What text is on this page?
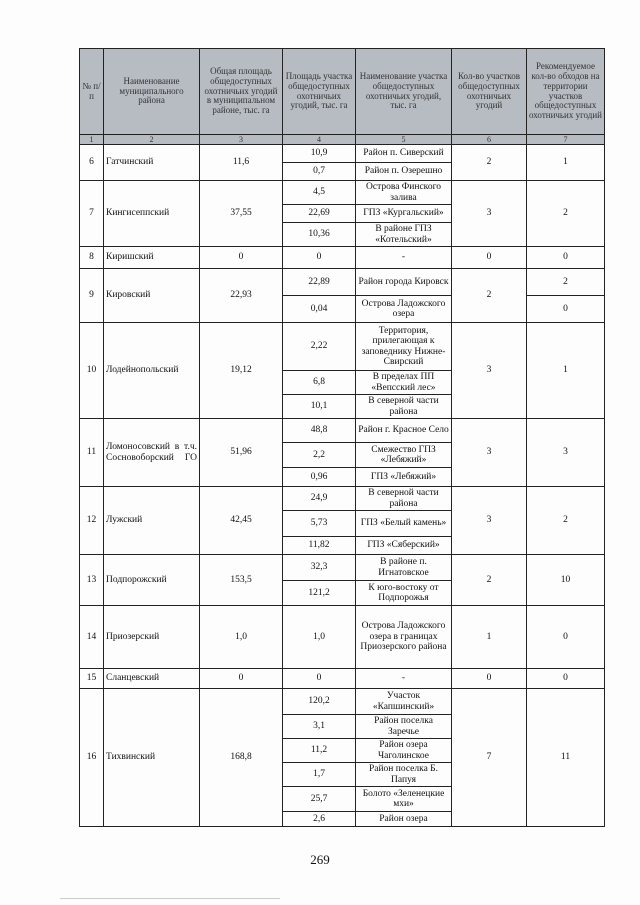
№ п/п	Наименование муниципального района	Общая площадь общедоступных охотничьих угодий в муниципальном районе, тыс. га	Площадь участка общедоступных охотничьих угодий, тыс. га	Наименование участка общедоступных охотничьих угодий, тыс. га	Кол-во участков общедоступных охотничьих угодий	Рекомендуемое кол-во обходов на территории участков общедоступных охотничьих угодий
1	2	3	4	5	6	7
6	Гатчинский	11,6	10,9	Район п. Сиверский	2	1
			0,7	Район п. Озерешно		
7	Кингисеппский	37,55	4,5	Острова Финского залива	3	2
			22,69	ГПЗ «Кургальский»		
			10,36	В районе ГПЗ «Котельский»		
8	Киришский	0	0	-	0	0
9	Кировский	22,93	22,89	Район города Кировск	2	2
			0,04	Острова Ладожского озера		0
10	Лодейнопольский	19,12	2,22	Территория, прилегающая к заповеднику Нижне-Свирский	3	1
			6,8	В пределах ПП «Вепсский лес»		
			10,1	В северной части района		
11	Ломоносовский в т.ч. Сосновоборский ГО	51,96	48,8	Район г. Красное Село	3	3
			2,2	Смежество ГПЗ «Лебяжий»		
			0,96	ГПЗ «Лебяжий»		
12	Лужский	42,45	24,9	В северной части района	3	2
			5,73	ГПЗ «Белый камень»		
			11,82	ГПЗ «Сяберский»		
13	Подпорожский	153,5	32,3	В районе п. Игнатовское	2	10
			121,2	К юго-востоку от Подпорожья		
14	Приозерский	1,0	1,0	Острова Ладожского озера в границах Приозерского района	1	0
15	Сланцевский	0	0	-	0	0
16	Тихвинский	168,8	120,2	Участок «Капшинский»	7	11
			3,1	Район поселка Заречье		
			11,2	Район озера Чаголинское		
			1,7	Район поселка Б. Папуя		
			25,7	Болото «Зеленецкие мхи»		
			2,6	Район озера		
269
